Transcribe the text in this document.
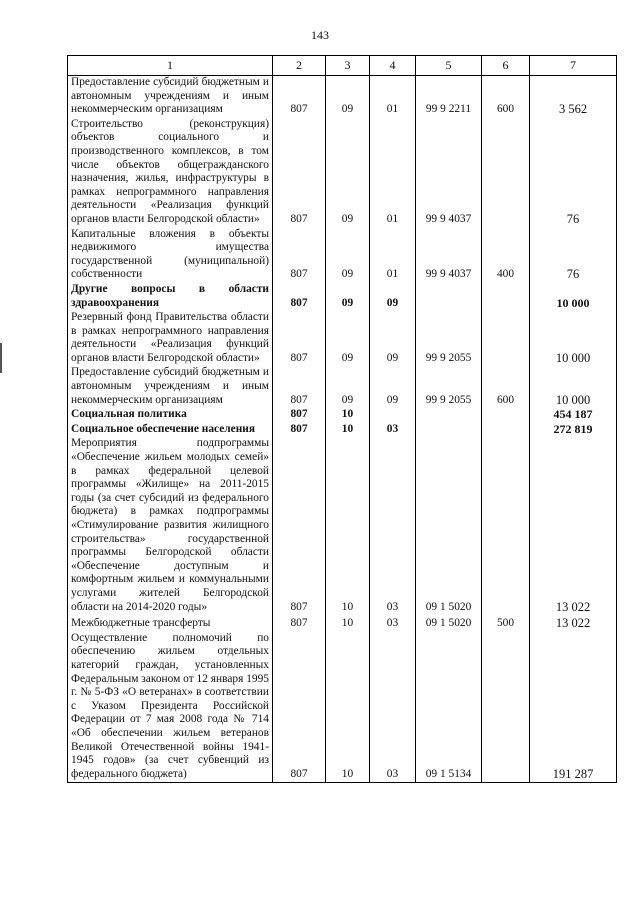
143
1	2	3	4	5	6	7
Предоставление субсидий бюджетным и автономным учреждениям и иным некоммерческим организациям	807	09	01	99 9 2211	600	3 562
Строительство (реконструкция) объектов социального и производственного комплексов, в том числе объектов общегражданского назначения, жилья, инфраструктуры в рамках непрограммного направления деятельности «Реализация функций органов власти Белгородской области»	807	09	01	99 9 4037		76
Капитальные вложения в объекты недвижимого имущества государственной (муниципальной) собственности	807	09	01	99 9 4037	400	76
Другие вопросы в области здравоохранения	807	09	09			10 000
Резервный фонд Правительства области в рамках непрограммного направления деятельности «Реализация функций органов власти Белгородской области»	807	09	09	99 9 2055		10 000
Предоставление субсидий бюджетным и автономным учреждениям и иным некоммерческим организациям	807	09	09	99 9 2055	600	10 000
Социальная политика	807	10				454 187
Социальное обеспечение населения	807	10	03			272 819
Мероприятия подпрограммы «Обеспечение жильем молодых семей» в рамках федеральной целевой программы «Жилище» на 2011-2015 годы (за счет субсидий из федерального бюджета) в рамках подпрограммы «Стимулирование развития жилищного строительства» государственной программы Белгородской области «Обеспечение доступным и комфортным жильем и коммунальными услугами жителей Белгородской области на 2014-2020 годы»	807	10	03	09 1 5020		13 022
Межбюджетные трансферты	807	10	03	09 1 5020	500	13 022
Осуществление полномочий по обеспечению жильем отдельных категорий граждан, установленных Федеральным законом от 12 января 1995 г. № 5-ФЗ «О ветеранах» в соответствии с Указом Президента Российской Федерации от 7 мая 2008 года № 714 «Об обеспечении жильем ветеранов Великой Отечественной войны 1941-1945 годов» (за счет субвенций из федерального бюджета)	807	10	03	09 1 5134		191 287
